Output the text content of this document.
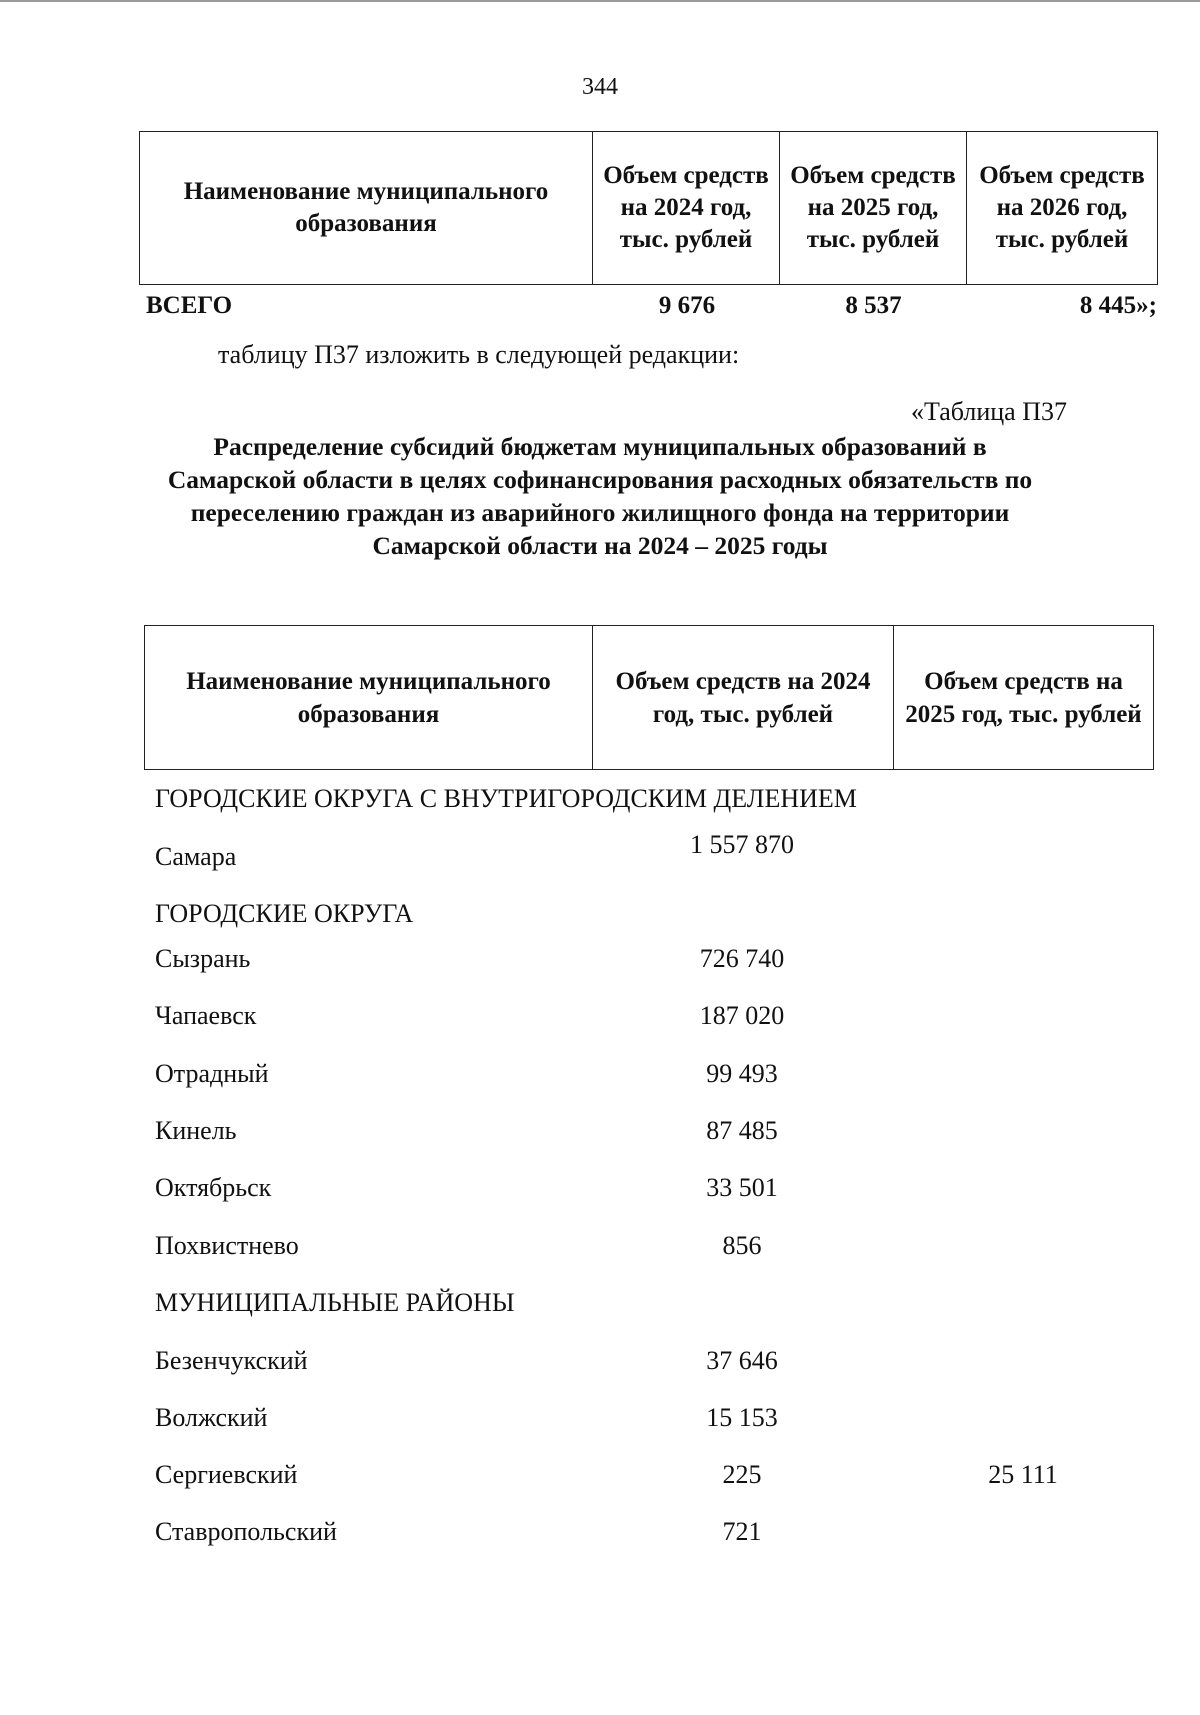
344
Наименование муниципального образования	Объем средств на 2024 год, тыс. рублей	Объем средств на 2025 год, тыс. рублей	Объем средств на 2026 год, тыс. рублей
ВСЕГО	9 676	8 537	8 445»;
таблицу П37 изложить в следующей редакции:
«Таблица П37
Распределение субсидий бюджетам муниципальных образований в Самарской области в целях софинансирования расходных обязательств по переселению граждан из аварийного жилищного фонда на территории Самарской области на 2024 – 2025 годы
Наименование муниципального образования	Объем средств на 2024 год, тыс. рублей	Объем средств на 2025 год, тыс. рублей
ГОРОДСКИЕ ОКРУГА С ВНУТРИГОРОДСКИМ ДЕЛЕНИЕМ
Самара	1 557 870
ГОРОДСКИЕ ОКРУГА
Сызрань	726 740
Чапаевск	187 020
Отрадный	99 493
Кинель	87 485
Октябрьск	33 501
Похвистнево	856
МУНИЦИПАЛЬНЫЕ РАЙОНЫ
Безенчукский	37 646
Волжский	15 153
Сергиевский	225	25 111
Ставропольский	721
